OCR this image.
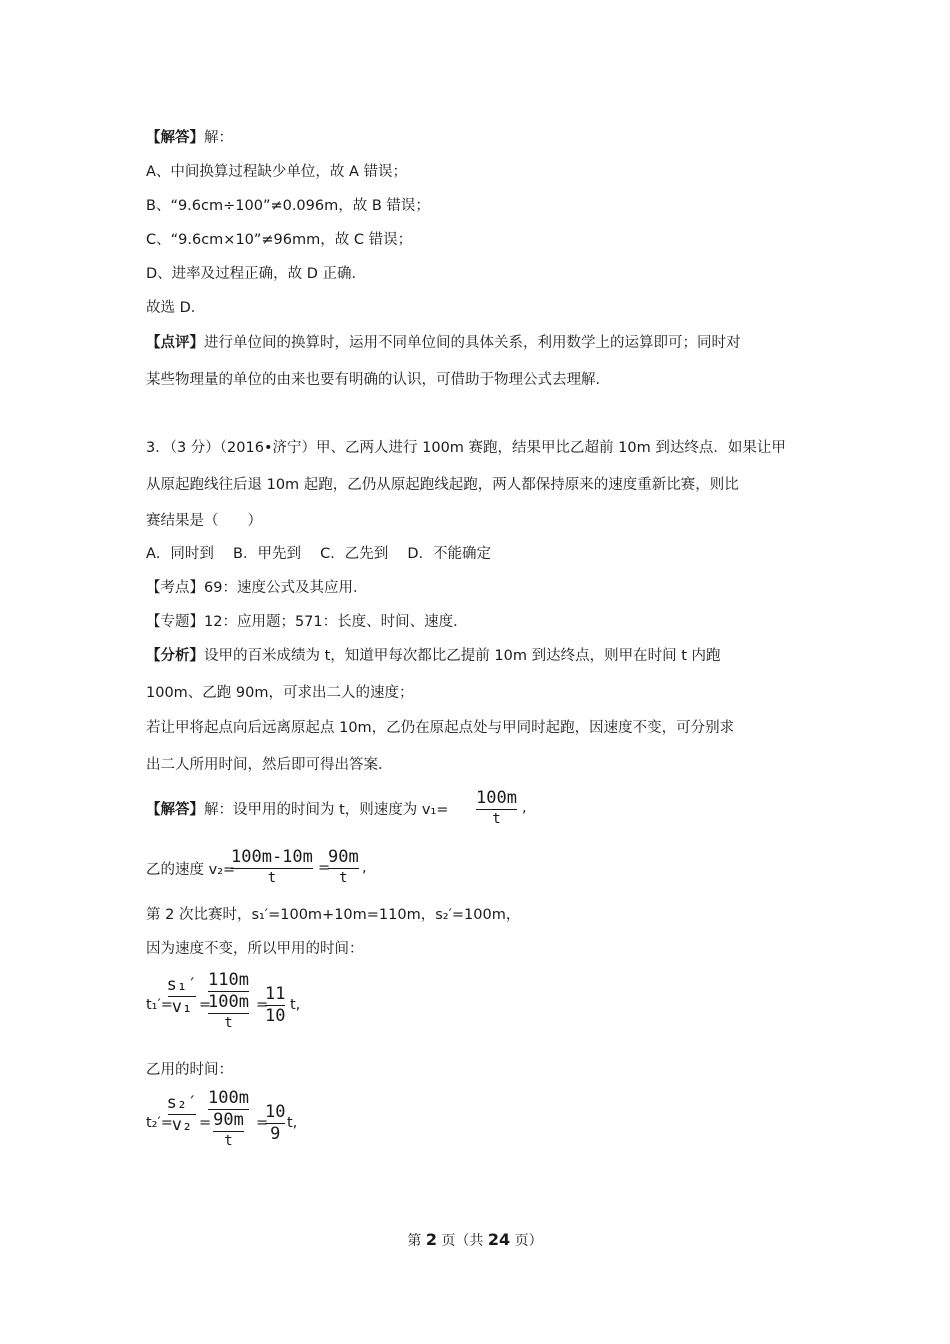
【解答】解：
A、中间换算过程缺少单位，故 A 错误；
B、“9.6cm÷100”≠0.096m，故 B 错误；
C、“9.6cm×10”≠96mm，故 C 错误；
D、进率及过程正确，故 D 正确．
故选 D．
【点评】进行单位间的换算时，运用不同单位间的具体关系，利用数学上的运算即可；同时对
某些物理量的单位的由来也要有明确的认识，可借助于物理公式去理解．
3．（3 分）（2016•济宁）甲、乙两人进行 100m 赛跑，结果甲比乙超前 10m 到达终点．如果让甲
从原起跑线往后退 10m 起跑，乙仍从原起跑线起跑，两人都保持原来的速度重新比赛，则比
赛结果是（　　）
A．同时到　 B．甲先到　 C．乙先到　 D．不能确定
【考点】69：速度公式及其应用．
【专题】12：应用题；571：长度、时间、速度．
【分析】设甲的百米成绩为 t，知道甲每次都比乙提前 10m 到达终点，则甲在时间 t 内跑
100m、乙跑 90m，可求出二人的速度；
若让甲将起点向后远离原起点 10m，乙仍在原起点处与甲同时起跑，因速度不变，可分别求
出二人所用时间，然后即可得出答案．
【解答】解：设甲用的时间为 t，则速度为 v₁=
100m
t
,
乙的速度 v₂=
100m-10m
t
=
90m
t
,
第 2 次比赛时，s₁′=100m+10m=110m，s₂′=100m，
因为速度不变，所以甲用的时间：
t₁′=
s₁′
v₁ =
110m
$\frac{100m}{t}$ =
11
10
t,
乙用的时间：
t₂′=
s₂′
v₂ =
100m
$\frac{90m}{t}$ =
10
9
t,
第 2 页（共 24 页）
